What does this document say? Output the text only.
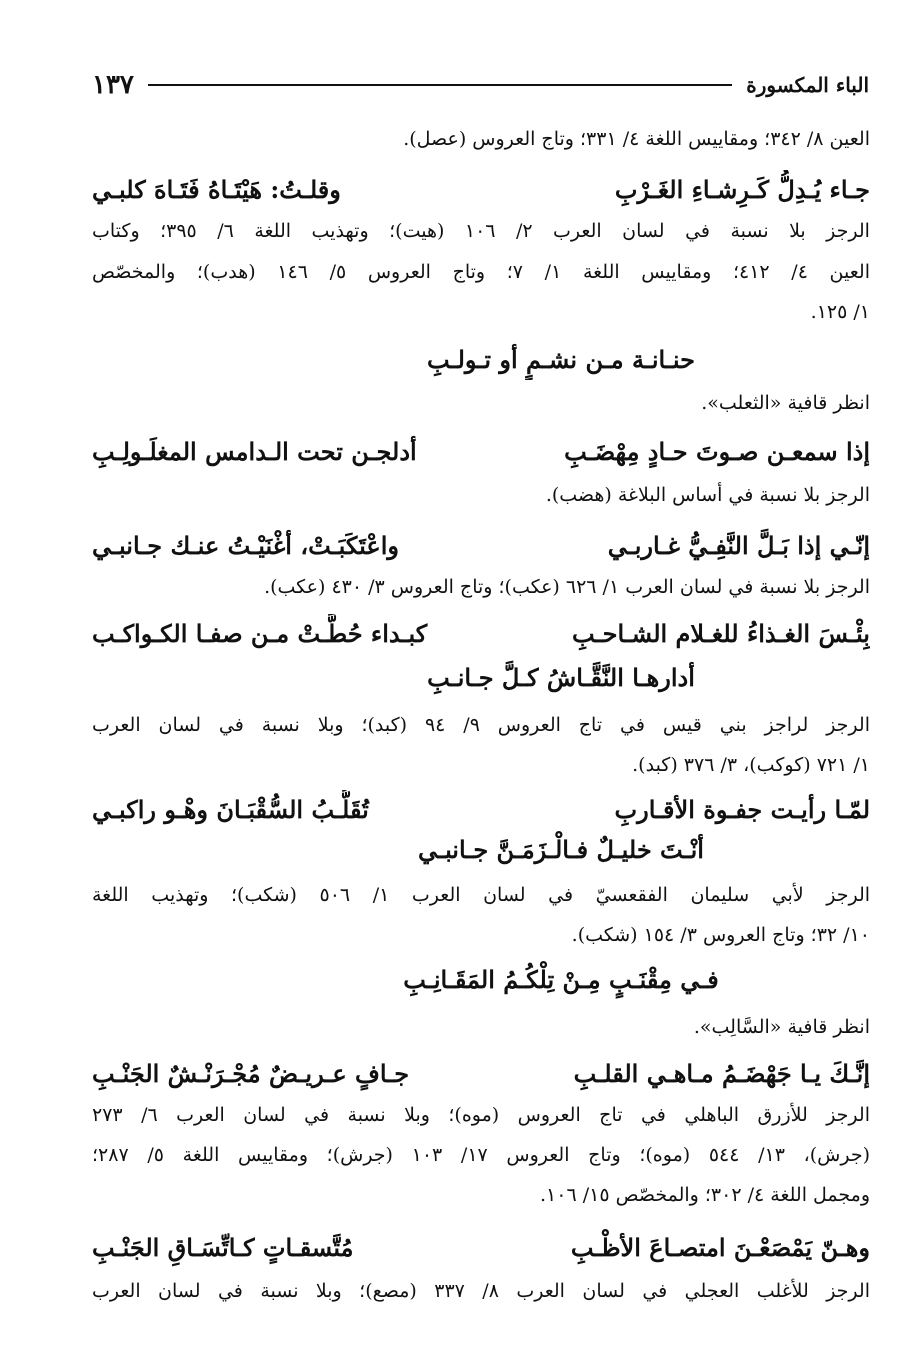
الباء المكسورة
١٣٧
العين ٨/ ٣٤٢؛ ومقاييس اللغة ٤/ ٣٣١؛ وتاج العروس (عصل).
جـاء يُـدِلُّ كَـرِشـاءِ الغَـرْبِ
وقلـتُ: هَيْتَـاهُ فَتَـاهَ كلبـي
الرجز بلا نسبة في لسان العرب ٢/ ١٠٦ (هيت)؛ وتهذيب اللغة ٦/ ٣٩٥؛ وكتاب
العين ٤/ ٤١٢؛ ومقاييس اللغة ١/ ٧؛ وتاج العروس ٥/ ١٤٦ (هدب)؛ والمخصّص
١/ ١٢٥.
حنـانـة مـن نشـمٍ أو تـولـبِ
انظر قافية «الثعلب».
إذا سمعـن صـوتَ حـادٍ مِهْضَـبِ
أدلجـن تحت الـدامس المغلَـولِـبِ
الرجز بلا نسبة في أساس البلاغة (هضب).
إنّـي إذا بَـلَّ النَّفِـيُّ غـاربـي
واعْتَكَبَـتْ، أغْنَيْـتُ عنـك جـانبـي
الرجز بلا نسبة في لسان العرب ١/ ٦٢٦ (عكب)؛ وتاج العروس ٣/ ٤٣٠ (عكب).
بِئْـسَ الغـذاءُ للغـلام الشـاحـبِ
كبـداء حُطَّـتْ مـن صفـا الكـواكـب
أدارهـا النَّقَّـاشُ كـلَّ جـانـبِ
الرجز لراجز بني قيس في تاج العروس ٩/ ٩٤ (كبد)؛ وبلا نسبة في لسان العرب
١/ ٧٢١ (كوكب)، ٣/ ٣٧٦ (كبد).
لمّـا رأيـت جفـوة الأقـاربِ
تُقَلُّـبُ السُّقْبَـانَ وهْـو راكبـي
أنْـتَ خليـلٌ فـالْـزَمَـنَّ جـانبـي
الرجز لأبي سليمان الفقعسيّ في لسان العرب ١/ ٥٠٦ (شكب)؛ وتهذيب اللغة
١٠/ ٣٢؛ وتاج العروس ٣/ ١٥٤ (شكب).
فـي مِقْنَـبٍ مِـنْ تِلْكُـمُ المَقَـانِـبِ
انظر قافية «السَّالِب».
إنَّـكَ يـا جَهْضَـمُ مـاهـي القلـبِ
جـافٍ عـريـضٌ مُجْـرَنْـشٌ الجَنْـبِ
الرجز للأزرق الباهلي في تاج العروس (موه)؛ وبلا نسبة في لسان العرب ٦/ ٢٧٣
(جرش)، ١٣/ ٥٤٤ (موه)؛ وتاج العروس ١٧/ ١٠٣ (جرش)؛ ومقاييس اللغة ٥/ ٢٨٧؛
ومجمل اللغة ٤/ ٣٠٢؛ والمخصّص ١٥/ ١٠٦.
وهـنّ يَمْصَعْـنَ امتصـاعَ الأظْـبِ
مُتَّسقـاتٍ كـاتِّسَـاقِ الجَنْـبِ
الرجز للأغلب العجلي في لسان العرب ٨/ ٣٣٧ (مصع)؛ وبلا نسبة في لسان العرب
